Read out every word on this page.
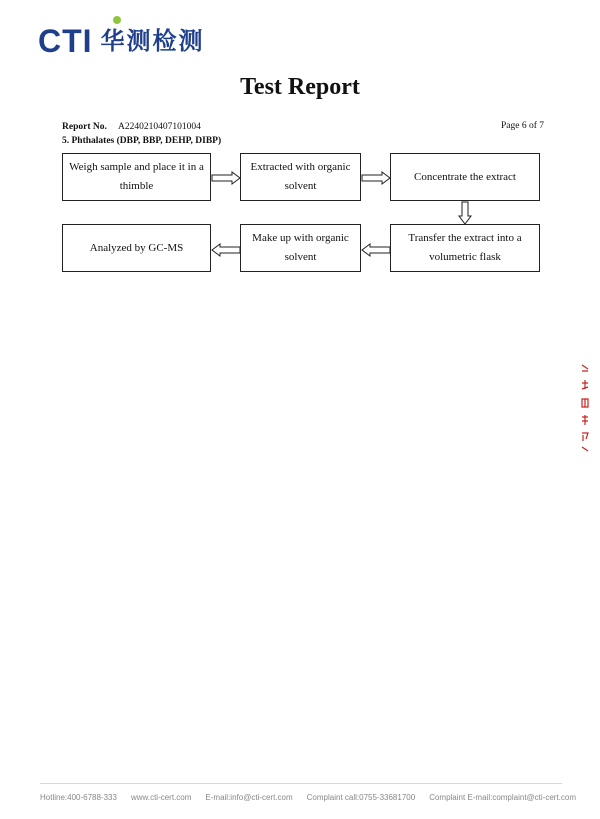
CTI 华测检测
Test Report
Report No. A2240210407101004	Page 6 of 7
5. Phthalates (DBP, BBP, DEHP, DIBP)
Weigh sample and place it in a thimble
Extracted with organic solvent
Concentrate the extract
Transfer the extract into a volumetric flask
Make up with organic solvent
Analyzed by GC-MS
Hotline:400-6788-333 www.cti-cert.com E-mail:info@cti-cert.com Complaint call:0755-33681700 Complaint E-mail:complaint@cti-cert.com
